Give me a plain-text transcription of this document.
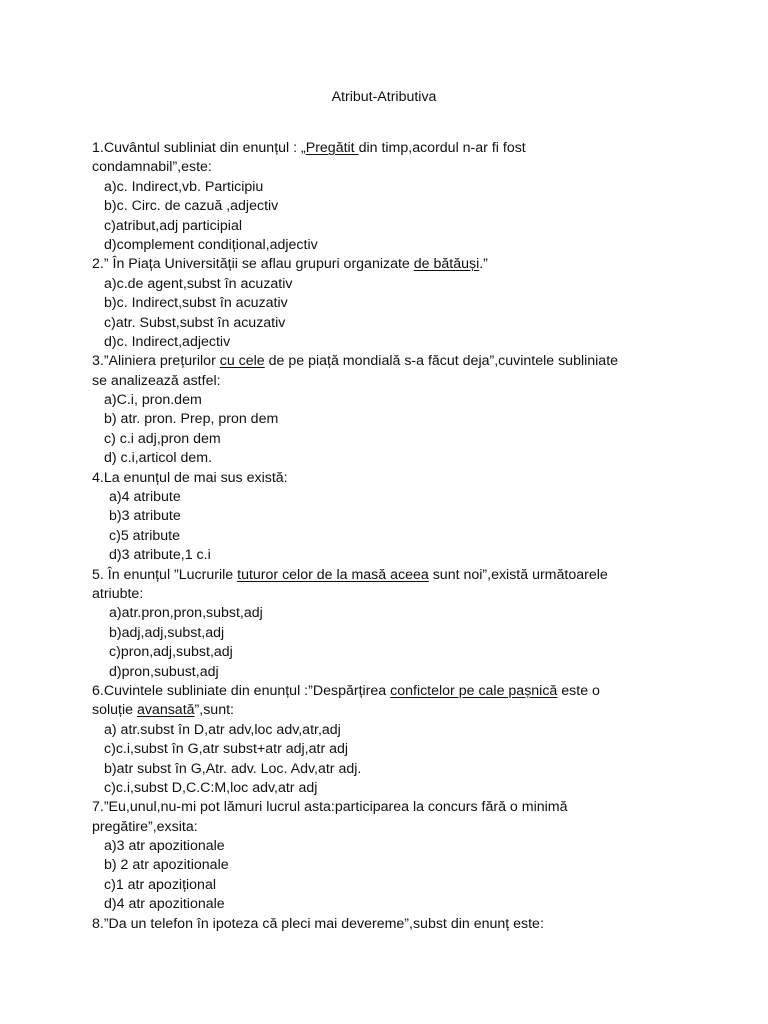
Atribut-Atributiva
1.Cuvântul subliniat din enunțul : „Pregătit din timp,acordul n-ar fi fost
condamnabil”,este:
a)c. Indirect,vb. Participiu
b)c. Circ. de cazuă ,adjectiv
c)atribut,adj participial
d)complement condițional,adjectiv
2.” În Piața Universității se aflau grupuri organizate de bătăuși.”
a)c.de agent,subst în acuzativ
b)c. Indirect,subst în acuzativ
c)atr. Subst,subst în acuzativ
d)c. Indirect,adjectiv
3.”Aliniera prețurilor cu cele de pe piață mondială s-a făcut deja”,cuvintele subliniate
se analizează astfel:
a)C.i, pron.dem
b) atr. pron. Prep, pron dem
c) c.i adj,pron dem
d) c.i,articol dem.
4.La enunțul de mai sus există:
a)4 atribute
b)3 atribute
c)5 atribute
d)3 atribute,1 c.i
5. În enunțul ”Lucrurile tuturor celor de la masă aceea sunt noi”,există următoarele
atriubte:
a)atr.pron,pron,subst,adj
b)adj,adj,subst,adj
c)pron,adj,subst,adj
d)pron,subust,adj
6.Cuvintele subliniate din enunțul :”Despărțirea confictelor pe cale pașnică este o
soluție avansată”,sunt:
a) atr.subst în D,atr adv,loc adv,atr,adj
c)c.i,subst în G,atr subst+atr adj,atr adj
b)atr subst în G,Atr. adv. Loc. Adv,atr adj.
c)c.i,subst D,C.C:M,loc adv,atr adj
7.”Eu,unul,nu-mi pot lămuri lucrul asta:participarea la concurs fără o minimă
pregătire”,exsita:
a)3 atr apozitionale
b) 2 atr apozitionale
c)1 atr apozițional
d)4 atr apozitionale
8.”Da un telefon în ipoteza că pleci mai devereme”,subst din enunț este:
